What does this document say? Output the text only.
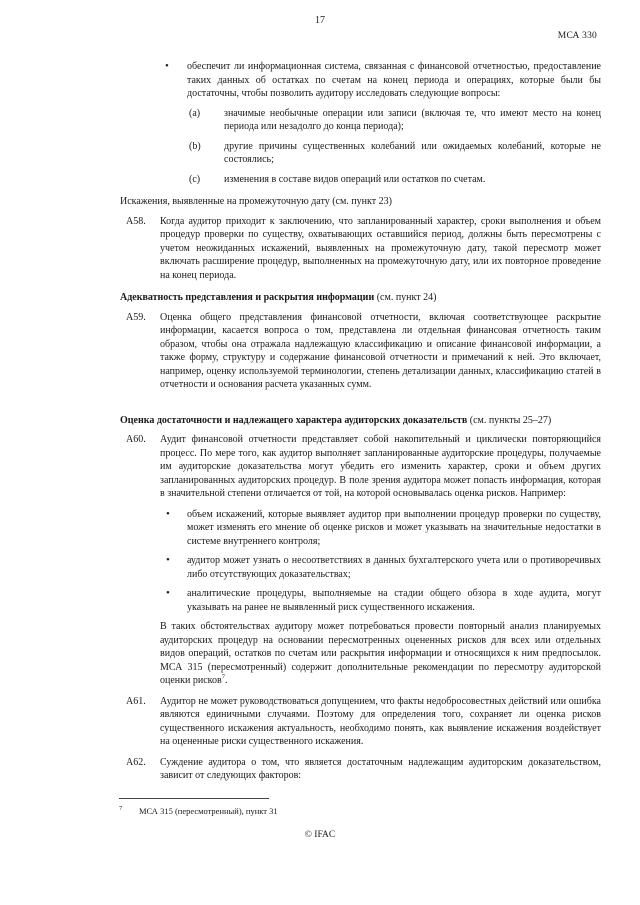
17
МСА 330
• обеспечит ли информационная система, связанная с финансовой отчетностью, предоставление таких данных об остатках по счетам на конец периода и операциях, которые были бы достаточны, чтобы позволить аудитору исследовать следующие вопросы:
(a) значимые необычные операции или записи (включая те, что имеют место на конец периода или незадолго до конца периода);
(b) другие причины существенных колебаний или ожидаемых колебаний, которые не состоялись;
(c) изменения в составе видов операций или остатков по счетам.
Искажения, выявленные на промежуточную дату (см. пункт 23)
A58. Когда аудитор приходит к заключению, что запланированный характер, сроки выполнения и объем процедур проверки по существу, охватывающих оставшийся период, должны быть пересмотрены с учетом неожиданных искажений, выявленных на промежуточную дату, такой пересмотр может включать расширение процедур, выполненных на промежуточную дату, или их повторное проведение на конец периода.
Адекватность представления и раскрытия информации (см. пункт 24)
A59. Оценка общего представления финансовой отчетности, включая соответствующее раскрытие информации, касается вопроса о том, представлена ли отдельная финансовая отчетность таким образом, чтобы она отражала надлежащую классификацию и описание финансовой информации, а также форму, структуру и содержание финансовой отчетности и примечаний к ней. Это включает, например, оценку используемой терминологии, степень детализации данных, классификацию статей в отчетности и основания расчета указанных сумм.
Оценка достаточности и надлежащего характера аудиторских доказательств (см. пункты 25–27)
A60. Аудит финансовой отчетности представляет собой накопительный и циклически повторяющийся процесс. По мере того, как аудитор выполняет запланированные аудиторские процедуры, получаемые им аудиторские доказательства могут убедить его изменить характер, сроки и объем других запланированных аудиторских процедур. В поле зрения аудитора может попасть информация, которая в значительной степени отличается от той, на которой основывалась оценка рисков. Например:
• объем искажений, которые выявляет аудитор при выполнении процедур проверки по существу, может изменять его мнение об оценке рисков и может указывать на значительные недостатки в системе внутреннего контроля;
• аудитор может узнать о несоответствиях в данных бухгалтерского учета или о противоречивых либо отсутствующих доказательствах;
• аналитические процедуры, выполняемые на стадии общего обзора в ходе аудита, могут указывать на ранее не выявленный риск существенного искажения.
В таких обстоятельствах аудитору может потребоваться провести повторный анализ планируемых аудиторских процедур на основании пересмотренных оцененных рисков для всех или отдельных видов операций, остатков по счетам или раскрытия информации и относящихся к ним предпосылок. МСА 315 (пересмотренный) содержит дополнительные рекомендации по пересмотру аудиторской оценки рисков$^7$.
A61. Аудитор не может руководствоваться допущением, что факты недобросовестных действий или ошибка являются единичными случаями. Поэтому для определения того, сохраняет ли оценка рисков существенного искажения актуальность, необходимо понять, как выявление искажения воздействует на оцененные риски существенного искажения.
A62. Суждение аудитора о том, что является достаточным надлежащим аудиторским доказательством, зависит от следующих факторов:
7 МСА 315 (пересмотренный), пункт 31
© IFAC
